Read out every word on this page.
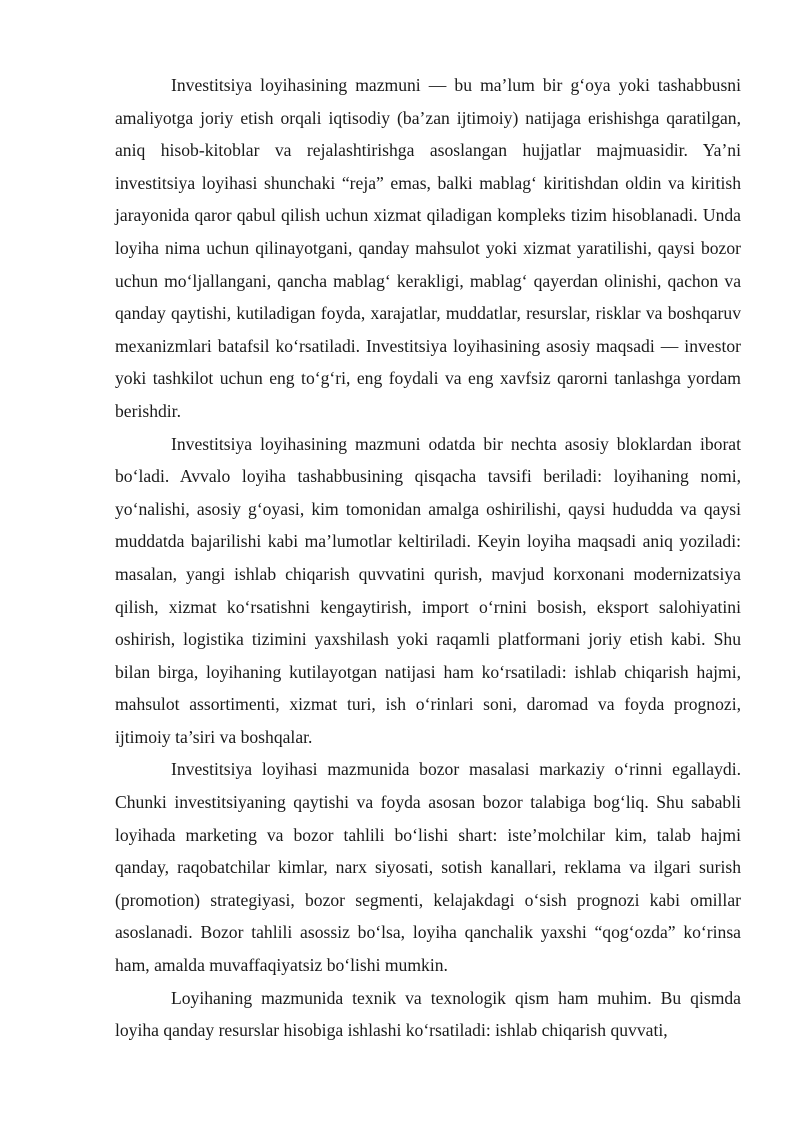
Investitsiya loyihasining mazmuni — bu ma’lum bir g‘oya yoki tashabbusni amaliyotga joriy etish orqali iqtisodiy (ba’zan ijtimoiy) natijaga erishishga qaratilgan, aniq hisob-kitoblar va rejalashtirishga asoslangan hujjatlar majmuasidir. Ya’ni investitsiya loyihasi shunchaki “reja” emas, balki mablag‘ kiritishdan oldin va kiritish jarayonida qaror qabul qilish uchun xizmat qiladigan kompleks tizim hisoblanadi. Unda loyiha nima uchun qilinayotgani, qanday mahsulot yoki xizmat yaratilishi, qaysi bozor uchun mo‘ljallangani, qancha mablag‘ kerakligi, mablag‘ qayerdan olinishi, qachon va qanday qaytishi, kutiladigan foyda, xarajatlar, muddatlar, resurslar, risklar va boshqaruv mexanizmlari batafsil ko‘rsatiladi. Investitsiya loyihasining asosiy maqsadi — investor yoki tashkilot uchun eng to‘g‘ri, eng foydali va eng xavfsiz qarorni tanlashga yordam berishdir.

Investitsiya loyihasining mazmuni odatda bir nechta asosiy bloklardan iborat bo‘ladi. Avvalo loyiha tashabbusining qisqacha tavsifi beriladi: loyihaning nomi, yo‘nalishi, asosiy g‘oyasi, kim tomonidan amalga oshirilishi, qaysi hududda va qaysi muddatda bajarilishi kabi ma’lumotlar keltiriladi. Keyin loyiha maqsadi aniq yoziladi: masalan, yangi ishlab chiqarish quvvatini qurish, mavjud korxonani modernizatsiya qilish, xizmat ko‘rsatishni kengaytirish, import o‘rnini bosish, eksport salohiyatini oshirish, logistika tizimini yaxshilash yoki raqamli platformani joriy etish kabi. Shu bilan birga, loyihaning kutilayotgan natijasi ham ko‘rsatiladi: ishlab chiqarish hajmi, mahsulot assortimenti, xizmat turi, ish o‘rinlari soni, daromad va foyda prognozi, ijtimoiy ta’siri va boshqalar.

Investitsiya loyihasi mazmunida bozor masalasi markaziy o‘rinni egallaydi. Chunki investitsiyaning qaytishi va foyda asosan bozor talabiga bog‘liq. Shu sababli loyihada marketing va bozor tahlili bo‘lishi shart: iste’molchilar kim, talab hajmi qanday, raqobatchilar kimlar, narx siyosati, sotish kanallari, reklama va ilgari surish (promotion) strategiyasi, bozor segmenti, kelajakdagi o‘sish prognozi kabi omillar asoslanadi. Bozor tahlili asossiz bo‘lsa, loyiha qanchalik yaxshi “qog‘ozda” ko‘rinsa ham, amalda muvaffaqiyatsiz bo‘lishi mumkin.

Loyihaning mazmunida texnik va texnologik qism ham muhim. Bu qismda loyiha qanday resurslar hisobiga ishlashi ko‘rsatiladi: ishlab chiqarish quvvati,
